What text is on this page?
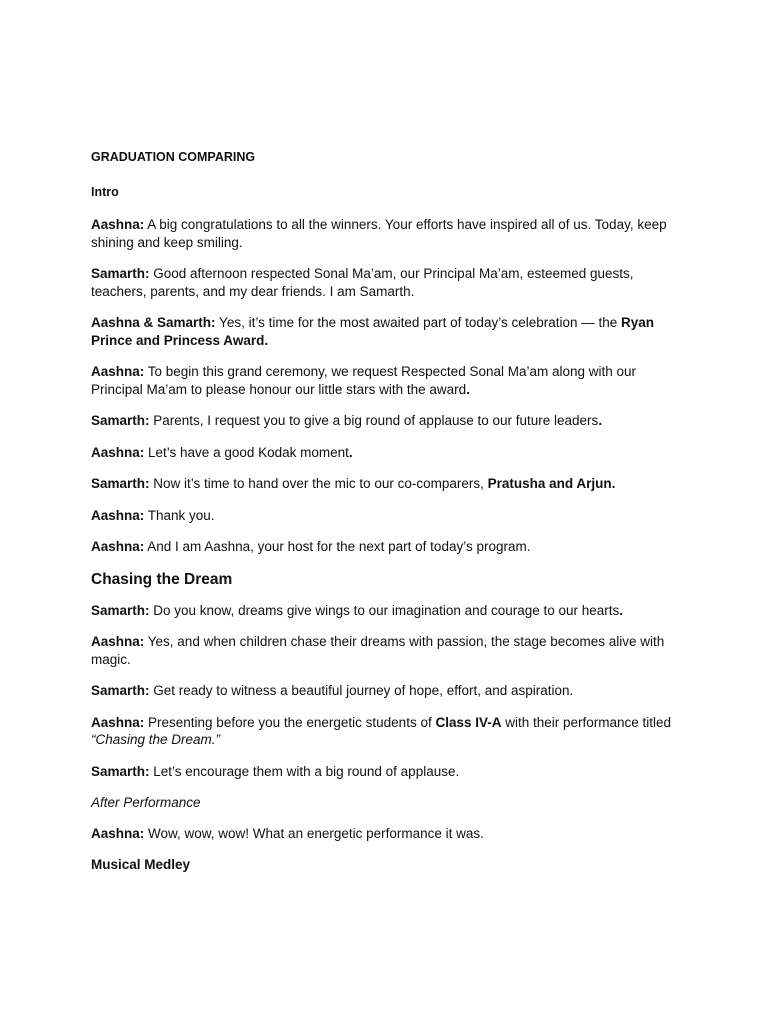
GRADUATION COMPARING
Intro

Aashna: A big congratulations to all the winners. Your efforts have inspired all of us. Today, keep shining and keep smiling.

Samarth: Good afternoon respected Sonal Ma’am, our Principal Ma’am, esteemed guests, teachers, parents, and my dear friends. I am Samarth.

Aashna & Samarth: Yes, it’s time for the most awaited part of today’s celebration — the Ryan Prince and Princess Award.

Aashna: To begin this grand ceremony, we request Respected Sonal Ma’am along with our Principal Ma’am to please honour our little stars with the award.

Samarth: Parents, I request you to give a big round of applause to our future leaders.

Aashna: Let’s have a good Kodak moment.

Samarth: Now it’s time to hand over the mic to our co-comparers, Pratusha and Arjun.

Aashna: Thank you.

Aashna: And I am Aashna, your host for the next part of today’s program.

Chasing the Dream

Samarth: Do you know, dreams give wings to our imagination and courage to our hearts.

Aashna: Yes, and when children chase their dreams with passion, the stage becomes alive with magic.

Samarth: Get ready to witness a beautiful journey of hope, effort, and aspiration.

Aashna: Presenting before you the energetic students of Class IV-A with their performance titled “Chasing the Dream.”

Samarth: Let’s encourage them with a big round of applause.

After Performance

Aashna: Wow, wow, wow! What an energetic performance it was.

Musical Medley
